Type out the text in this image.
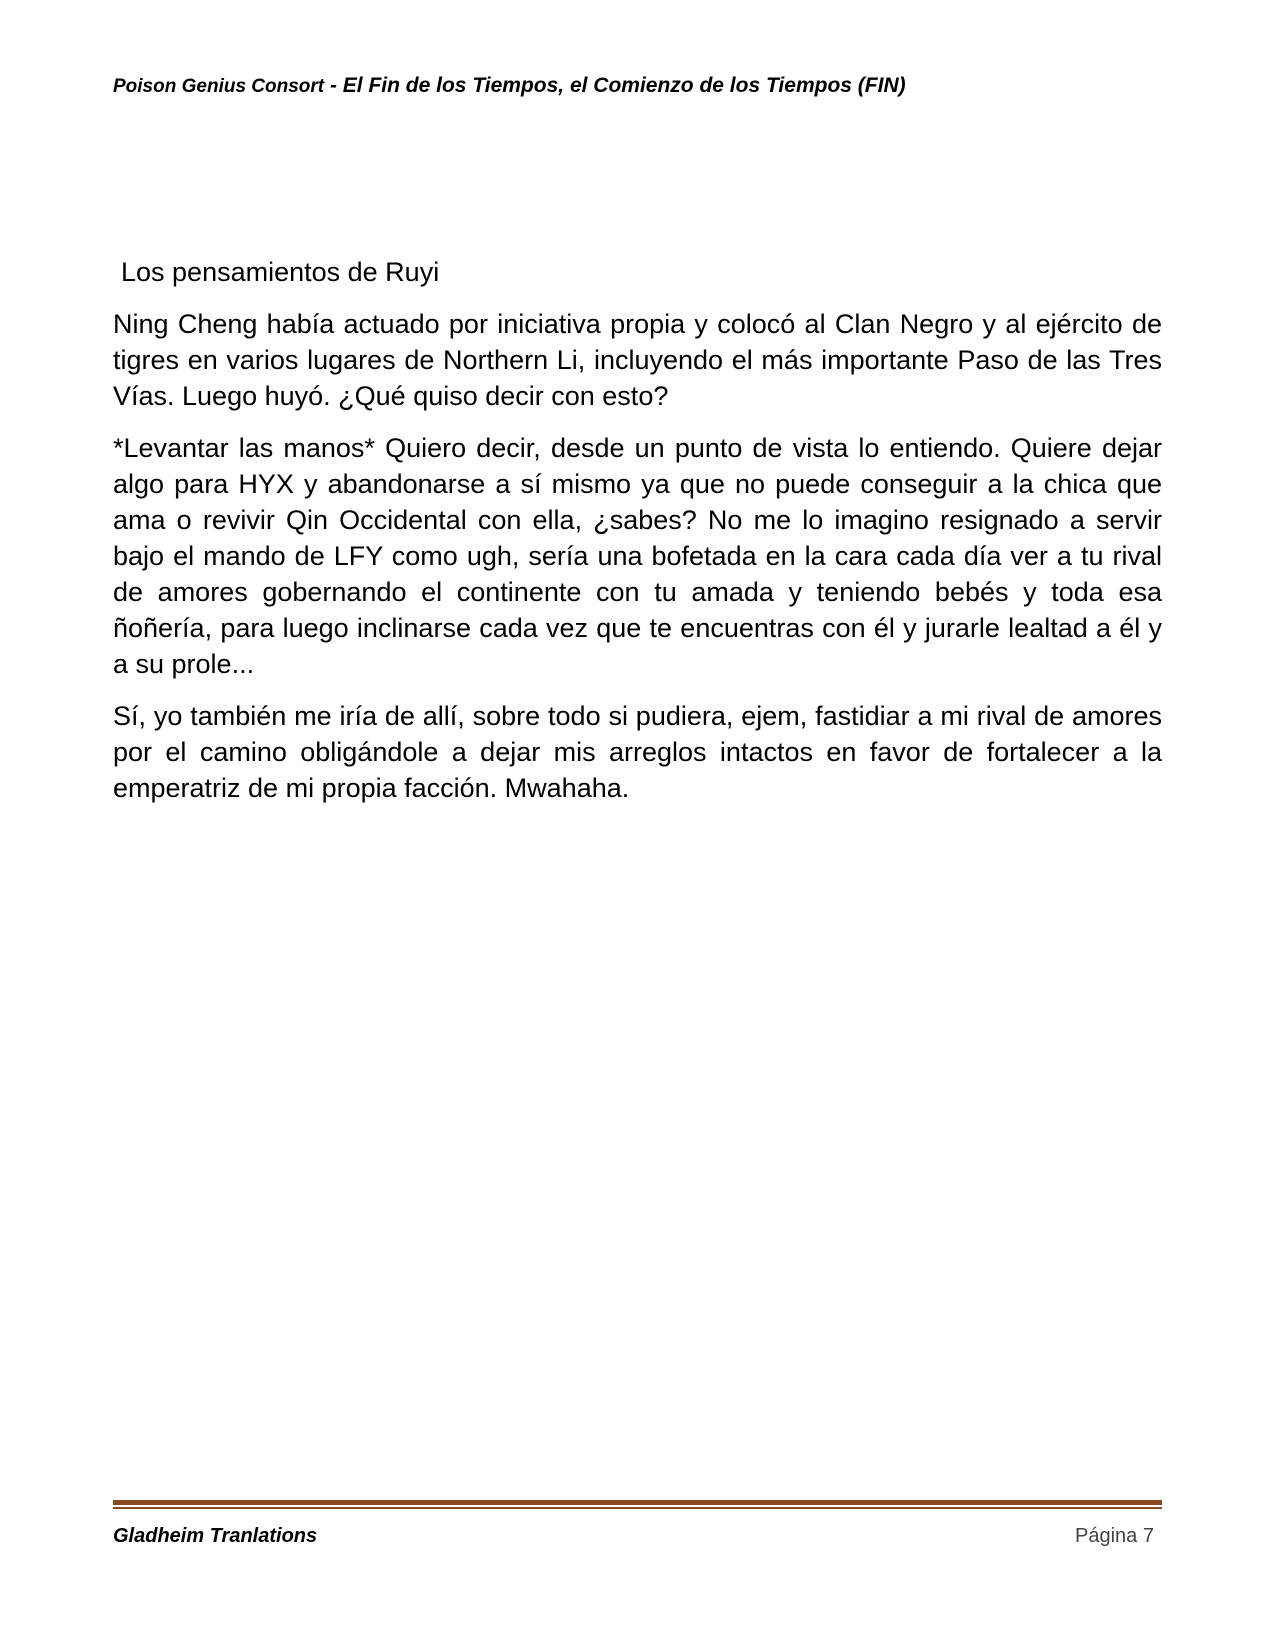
Poison Genius Consort - El Fin de los Tiempos, el Comienzo de los Tiempos (FIN)
Los pensamientos de Ruyi

Ning Cheng había actuado por iniciativa propia y colocó al Clan Negro y al ejército de tigres en varios lugares de Northern Li, incluyendo el más importante Paso de las Tres Vías. Luego huyó. ¿Qué quiso decir con esto?

*Levantar las manos* Quiero decir, desde un punto de vista lo entiendo. Quiere dejar algo para HYX y abandonarse a sí mismo ya que no puede conseguir a la chica que ama o revivir Qin Occidental con ella, ¿sabes? No me lo imagino resignado a servir bajo el mando de LFY como ugh, sería una bofetada en la cara cada día ver a tu rival de amores gobernando el continente con tu amada y teniendo bebés y toda esa ñoñería, para luego inclinarse cada vez que te encuentras con él y jurarle lealtad a él y a su prole...

Sí, yo también me iría de allí, sobre todo si pudiera, ejem, fastidiar a mi rival de amores por el camino obligándole a dejar mis arreglos intactos en favor de fortalecer a la emperatriz de mi propia facción. Mwahaha.

Gladheim Tranlations	Página 7
